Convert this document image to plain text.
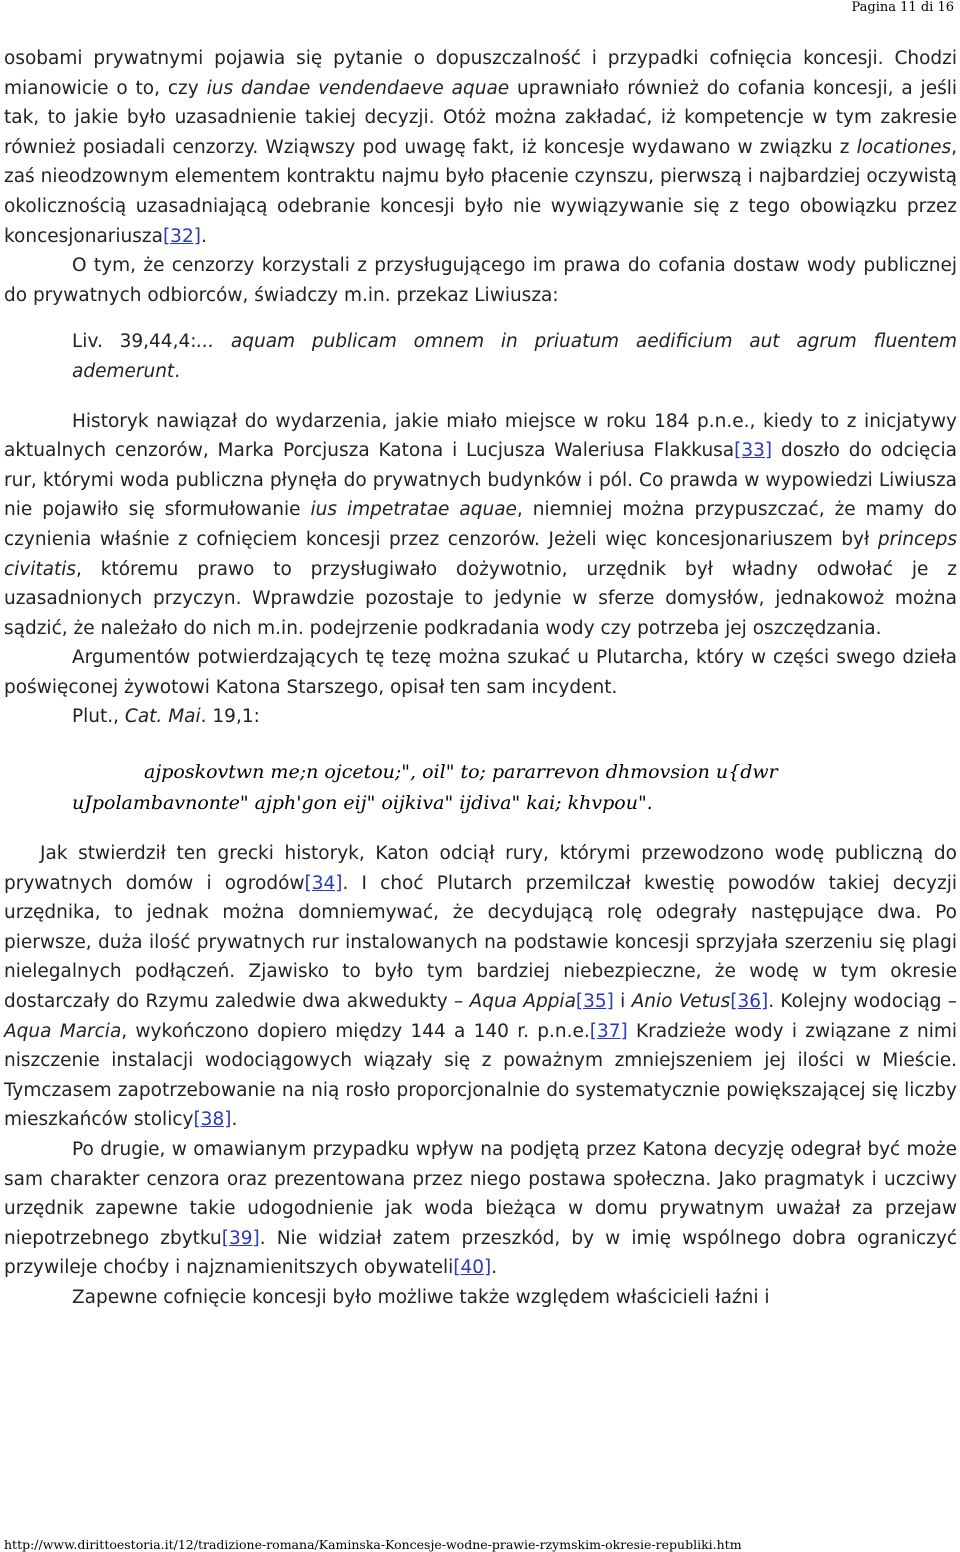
Pagina 11 di 16

osobami prywatnymi pojawia się pytanie o dopuszczalność i przypadki cofnięcia koncesji. Chodzi mianowicie o to, czy ius dandae vendendaeve aquae uprawniało również do cofania koncesji, a jeśli tak, to jakie było uzasadnienie takiej decyzji. Otóż można zakładać, iż kompetencje w tym zakresie również posiadali cenzorzy. Wziąwszy pod uwagę fakt, iż koncesje wydawano w związku z locationes, zaś nieodzownym elementem kontraktu najmu było płacenie czynszu, pierwszą i najbardziej oczywistą okolicznością uzasadniającą odebranie koncesji było nie wywiązywanie się z tego obowiązku przez koncesjonariusza[32].

O tym, że cenzorzy korzystali z przysługującego im prawa do cofania dostaw wody publicznej do prywatnych odbiorców, świadczy m.in. przekaz Liwiusza:

Liv. 39,44,4:... aquam publicam omnem in priuatum aedificium aut agrum fluentem ademerunt.

Historyk nawiązał do wydarzenia, jakie miało miejsce w roku 184 p.n.e., kiedy to z inicjatywy aktualnych cenzorów, Marka Porcjusza Katona i Lucjusza Waleriusa Flakkusa[33] doszło do odcięcia rur, którymi woda publiczna płynęła do prywatnych budynków i pól. Co prawda w wypowiedzi Liwiusza nie pojawiło się sformułowanie ius impetratae aquae, niemniej można przypuszczać, że mamy do czynienia właśnie z cofnięciem koncesji przez cenzorów. Jeżeli więc koncesjonariuszem był princeps civitatis, któremu prawo to przysługiwało dożywotnio, urzędnik był władny odwołać je z uzasadnionych przyczyn. Wprawdzie pozostaje to jedynie w sferze domysłów, jednakowoż można sądzić, że należało do nich m.in. podejrzenie podkradania wody czy potrzeba jej oszczędzania.

Argumentów potwierdzających tę tezę można szukać u Plutarcha, który w części swego dzieła poświęconej żywotowi Katona Starszego, opisał ten sam incydent.

Plut., Cat. Mai. 19,1:

ajposkovtwn me;n ojcetou;", oil" to; pararrevon dhmovsion u{dwr
uJpolambavnonte" ajph'gon eij" oijkiva" ijdiva" kai; khvpou".

Jak stwierdził ten grecki historyk, Katon odciął rury, którymi przewodzono wodę publiczną do prywatnych domów i ogrodów[34]. I choć Plutarch przemilczał kwestię powodów takiej decyzji urzędnika, to jednak można domniemywać, że decydującą rolę odegrały następujące dwa. Po pierwsze, duża ilość prywatnych rur instalowanych na podstawie koncesji sprzyjała szerzeniu się plagi nielegalnych podłączeń. Zjawisko to było tym bardziej niebezpieczne, że wodę w tym okresie dostarczały do Rzymu zaledwie dwa akwedukty – Aqua Appia[35] i Anio Vetus[36]. Kolejny wodociąg – Aqua Marcia, wykończono dopiero między 144 a 140 r. p.n.e.[37] Kradzieże wody i związane z nimi niszczenie instalacji wodociągowych wiązały się z poważnym zmniejszeniem jej ilości w Mieście. Tymczasem zapotrzebowanie na nią rosło proporcjonalnie do systematycznie powiększającej się liczby mieszkańców stolicy[38].

Po drugie, w omawianym przypadku wpływ na podjętą przez Katona decyzję odegrał być może sam charakter cenzora oraz prezentowana przez niego postawa społeczna. Jako pragmatyk i uczciwy urzędnik zapewne takie udogodnienie jak woda bieżąca w domu prywatnym uważał za przejaw niepotrzebnego zbytku[39]. Nie widział zatem przeszkód, by w imię wspólnego dobra ograniczyć przywileje choćby i najznamienitszych obywateli[40].

Zapewne cofnięcie koncesji było możliwe także względem właścicieli łaźni i

http://www.dirittoestoria.it/12/tradizione-romana/Kaminska-Koncesje-wodne-prawie-rzymskim-okresie-republiki.htm
